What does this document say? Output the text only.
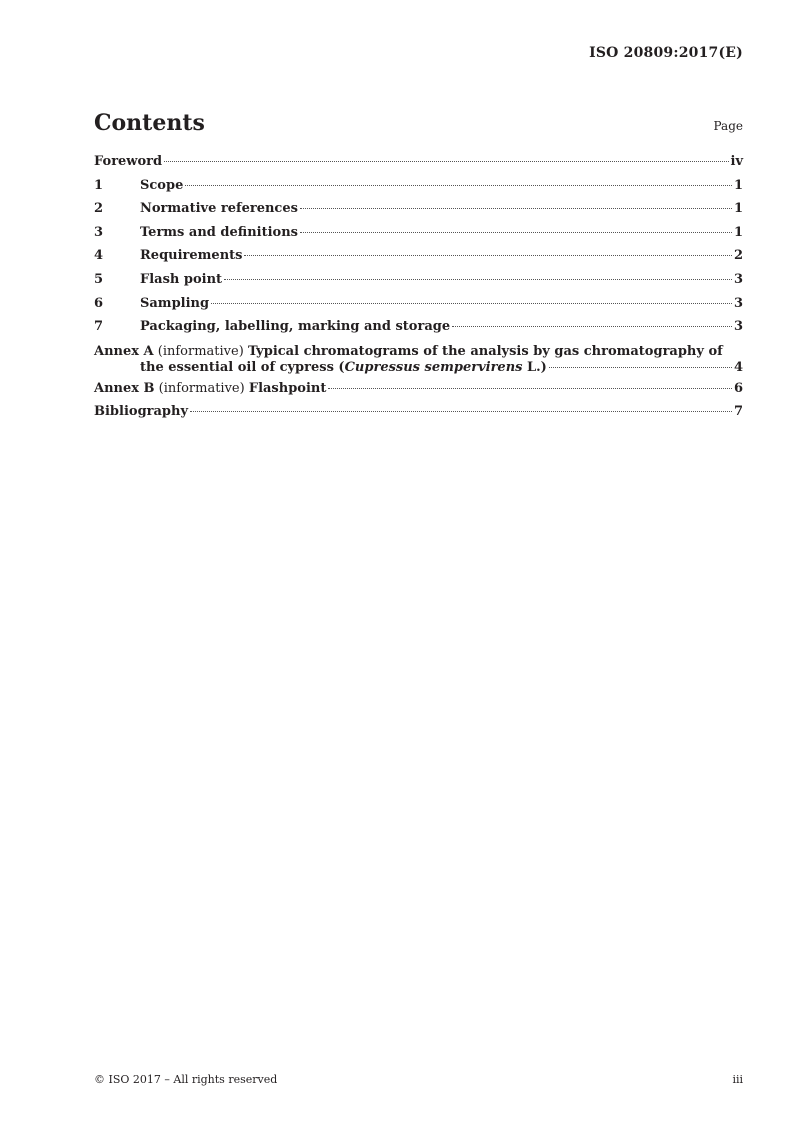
ISO 20809:2017(E)
Contents	Page
Foreword	iv
1	Scope	1
2	Normative references	1
3	Terms and definitions	1
4	Requirements	2
5	Flash point	3
6	Sampling	3
7	Packaging, labelling, marking and storage	3
Annex A (informative) Typical chromatograms of the analysis by gas chromatography of
the essential oil of cypress (Cupressus sempervirens L.)	4
Annex B (informative) Flashpoint	6
Bibliography	7
© ISO 2017 – All rights reserved	iii
